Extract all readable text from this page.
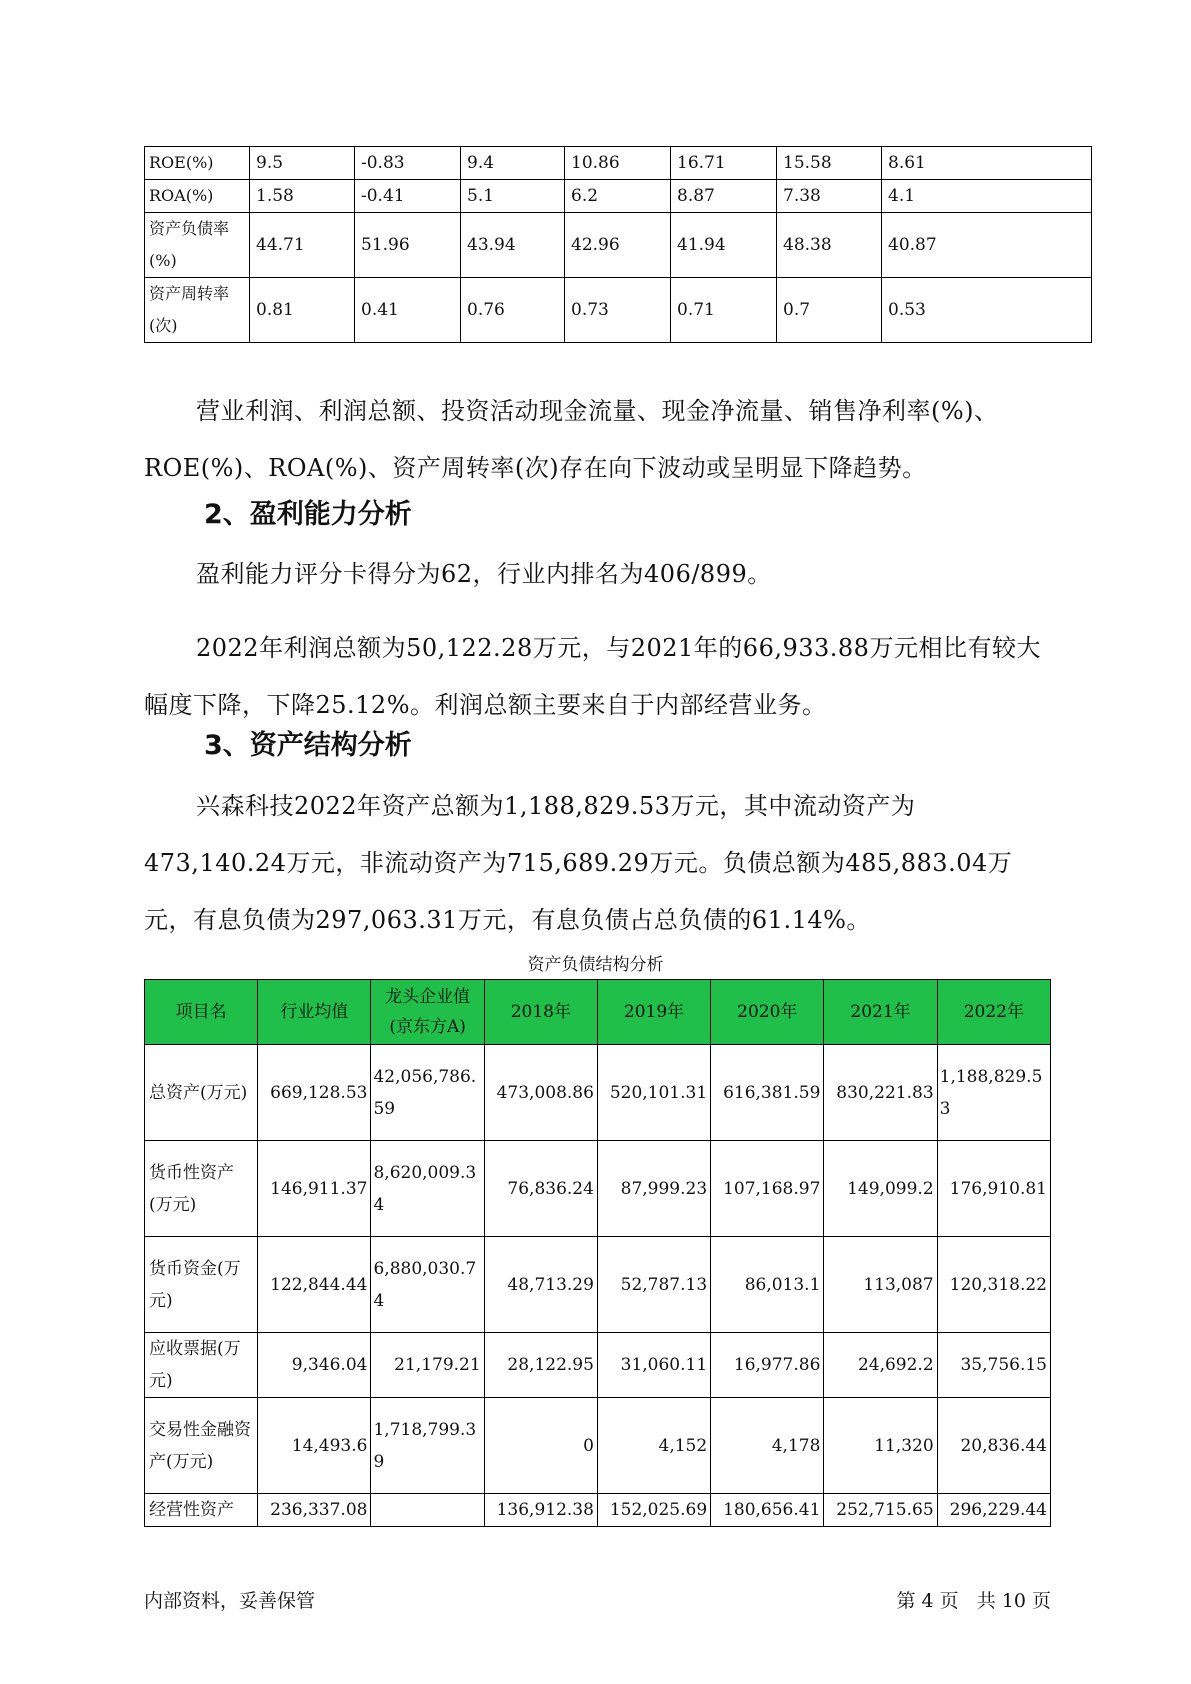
ROE(%)	9.5	-0.83	9.4	10.86	16.71	15.58	8.61
ROA(%)	1.58	-0.41	5.1	6.2	8.87	7.38	4.1
资产负债率(%)	44.71	51.96	43.94	42.96	41.94	48.38	40.87
资产周转率(次)	0.81	0.41	0.76	0.73	0.71	0.7	0.53

营业利润、利润总额、投资活动现金流量、现金净流量、销售净利率(%)、ROE(%)、ROA(%)、资产周转率(次)存在向下波动或呈明显下降趋势。

2、盈利能力分析

盈利能力评分卡得分为62，行业内排名为406/899。

2022年利润总额为50,122.28万元，与2021年的66,933.88万元相比有较大幅度下降，下降25.12%。利润总额主要来自于内部经营业务。

3、资产结构分析

兴森科技2022年资产总额为1,188,829.53万元，其中流动资产为473,140.24万元，非流动资产为715,689.29万元。负债总额为485,883.04万元，有息负债为297,063.31万元，有息负债占总负债的61.14%。

资产负债结构分析
项目名	行业均值	龙头企业值(京东方A)	2018年	2019年	2020年	2021年	2022年
总资产(万元)	669,128.53	42,056,786.59	473,008.86	520,101.31	616,381.59	830,221.83	1,188,829.53
货币性资产(万元)	146,911.37	8,620,009.34	76,836.24	87,999.23	107,168.97	149,099.2	176,910.81
货币资金(万元)	122,844.44	6,880,030.74	48,713.29	52,787.13	86,013.1	113,087	120,318.22
应收票据(万元)	9,346.04	21,179.21	28,122.95	31,060.11	16,977.86	24,692.2	35,756.15
交易性金融资产(万元)	14,493.6	1,718,799.39	0	4,152	4,178	11,320	20,836.44
经营性资产	236,337.08		136,912.38	152,025.69	180,656.41	252,715.65	296,229.44
内部资料，妥善保管	第 4 页   共 10 页
